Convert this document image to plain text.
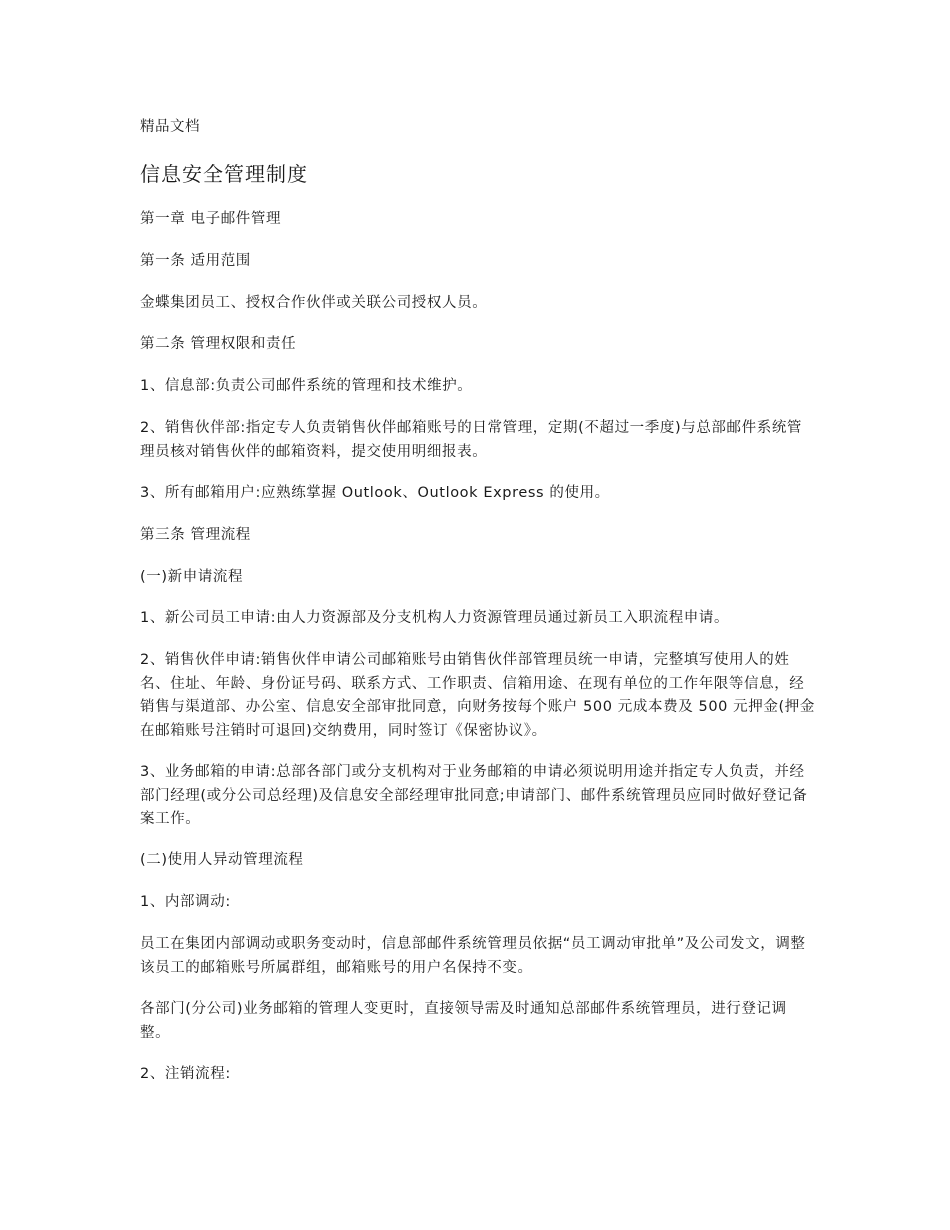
精品文档
信息安全管理制度
第一章 电子邮件管理
第一条 适用范围
金蝶集团员工、授权合作伙伴或关联公司授权人员。
第二条 管理权限和责任
1、信息部:负责公司邮件系统的管理和技术维护。
2、销售伙伴部:指定专人负责销售伙伴邮箱账号的日常管理，定期(不超过一季度)与总部邮件系统管理员核对销售伙伴的邮箱资料，提交使用明细报表。
3、所有邮箱用户:应熟练掌握 Outlook、Outlook Express 的使用。
第三条 管理流程
(一)新申请流程
1、新公司员工申请:由人力资源部及分支机构人力资源管理员通过新员工入职流程申请。
2、销售伙伴申请:销售伙伴申请公司邮箱账号由销售伙伴部管理员统一申请，完整填写使用人的姓名、住址、年龄、身份证号码、联系方式、工作职责、信箱用途、在现有单位的工作年限等信息，经销售与渠道部、办公室、信息安全部审批同意，向财务按每个账户 500 元成本费及 500 元押金(押金在邮箱账号注销时可退回)交纳费用，同时签订《保密协议》。
3、业务邮箱的申请:总部各部门或分支机构对于业务邮箱的申请必须说明用途并指定专人负责，并经部门经理(或分公司总经理)及信息安全部经理审批同意;申请部门、邮件系统管理员应同时做好登记备案工作。
(二)使用人异动管理流程
1、内部调动:
员工在集团内部调动或职务变动时，信息部邮件系统管理员依据“员工调动审批单”及公司发文，调整该员工的邮箱账号所属群组，邮箱账号的用户名保持不变。
各部门(分公司)业务邮箱的管理人变更时，直接领导需及时通知总部邮件系统管理员，进行登记调整。
2、注销流程:
